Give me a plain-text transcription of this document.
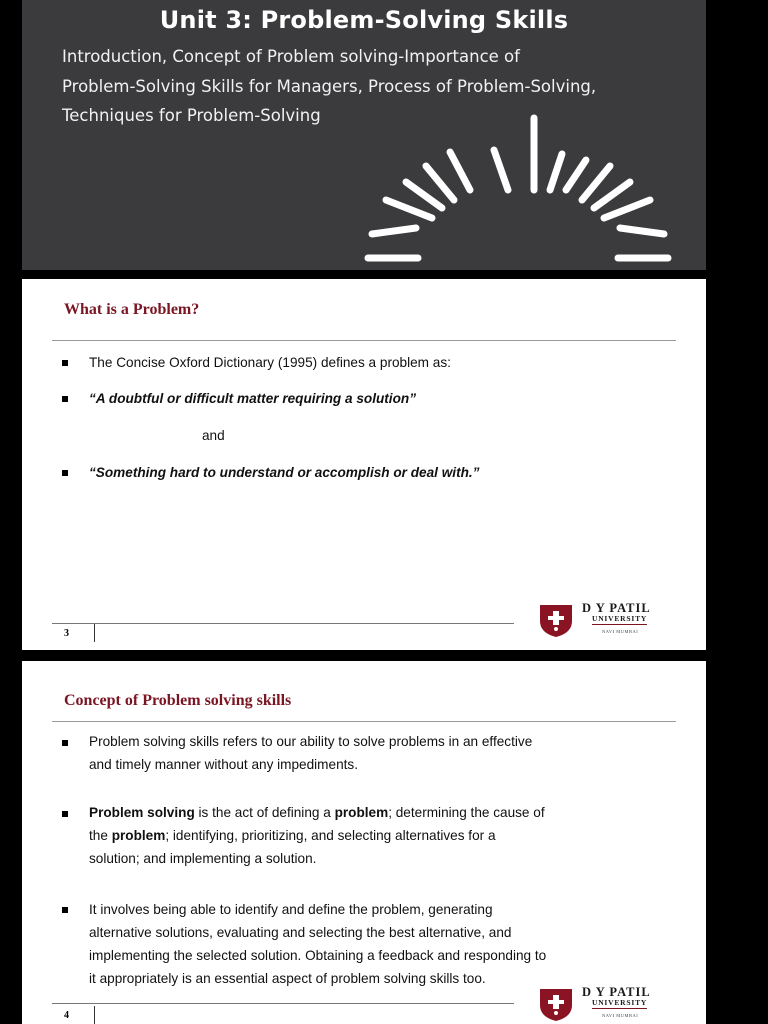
Unit 3: Problem-Solving Skills
Introduction, Concept of Problem solving-Importance of
Problem-Solving Skills for Managers, Process of Problem-Solving,
Techniques for Problem-Solving
What is a Problem?
The Concise Oxford Dictionary (1995) defines a problem as:
“A doubtful or difficult matter requiring a solution”
and
“Something hard to understand or accomplish or deal with.”
3
D Y PATIL
UNIVERSITY
NAVI MUMBAI
Concept of Problem solving skills
Problem solving skills refers to our ability to solve problems in an effective
and timely manner without any impediments.
Problem solving is the act of defining a problem; determining the cause of
the problem; identifying, prioritizing, and selecting alternatives for a
solution; and implementing a solution.
It involves being able to identify and define the problem, generating
alternative solutions, evaluating and selecting the best alternative, and
implementing the selected solution. Obtaining a feedback and responding to
it appropriately is an essential aspect of problem solving skills too.
4
D Y PATIL
UNIVERSITY
NAVI MUMBAI
